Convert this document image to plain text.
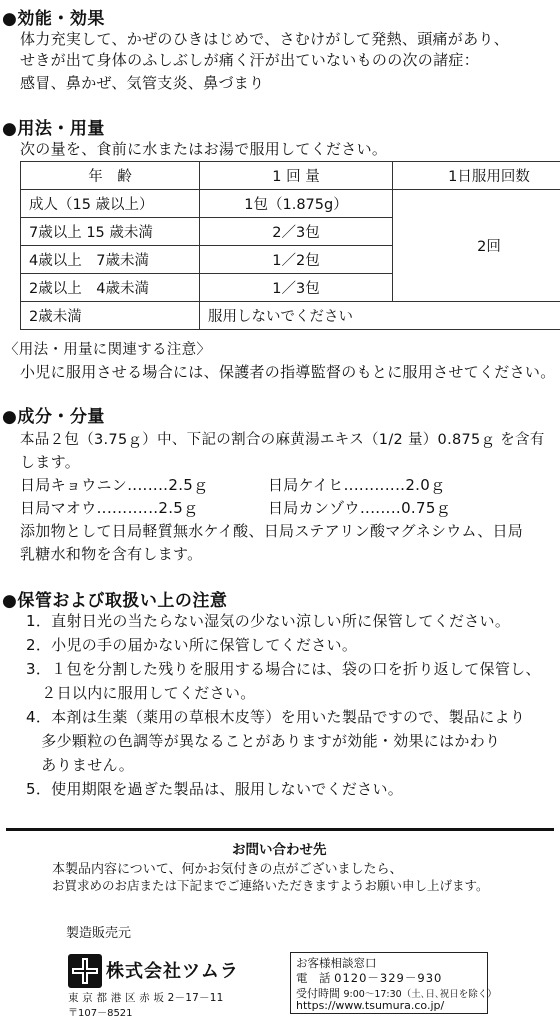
●効能・効果
体力充実して、かぜのひきはじめで、さむけがして発熱、頭痛があり、
せきが出て身体のふしぶしが痛く汗が出ていないものの次の諸症：
感冒、鼻かぜ、気管支炎、鼻づまり
●用法・用量
次の量を、食前に水またはお湯で服用してください。
年　齢	1 回 量	1日服用回数
成人（15 歳以上）	1包（1.875g）	2回
7歳以上 15 歳未満	2／3包	
4歳以上　7歳未満	1／2包	
2歳以上　4歳未満	1／3包	
2歳未満	服用しないでください	
〈用法・用量に関連する注意〉
小児に服用させる場合には、保護者の指導監督のもとに服用させてください。
●成分・分量
本品２包（3.75ｇ）中、下記の割合の麻黄湯エキス（1/2 量）0.875ｇ を含有
します。
日局キョウニン‥‥‥‥2.5ｇ	日局ケイヒ‥‥‥‥‥‥2.0ｇ
日局マオウ‥‥‥‥‥‥2.5ｇ	日局カンゾウ‥‥‥‥0.75ｇ
添加物として日局軽質無水ケイ酸、日局ステアリン酸マグネシウム、日局
乳糖水和物を含有します。
●保管および取扱い上の注意
1．直射日光の当たらない湿気の少ない涼しい所に保管してください。
2．小児の手の届かない所に保管してください。
3．１包を分割した残りを服用する場合には、袋の口を折り返して保管し、
　２日以内に服用してください。
4．本剤は生薬（薬用の草根木皮等）を用いた製品ですので、製品により
　多少顆粒の色調等が異なることがありますが効能・効果にはかわり
　ありません。
5．使用期限を過ぎた製品は、服用しないでください。
お問い合わせ先
本製品内容について、何かお気付きの点がございましたら、
お買求めのお店または下記までご連絡いただきますようお願い申し上げます。
製造販売元
株式会社ツムラ
東 京 都 港 区 赤 坂 2－17－11
〒107－8521
お客様相談窓口
電　話 0120－329－930
受付時間 9:00～17:30（土､日､祝日を除く）
https://www.tsumura.co.jp/
